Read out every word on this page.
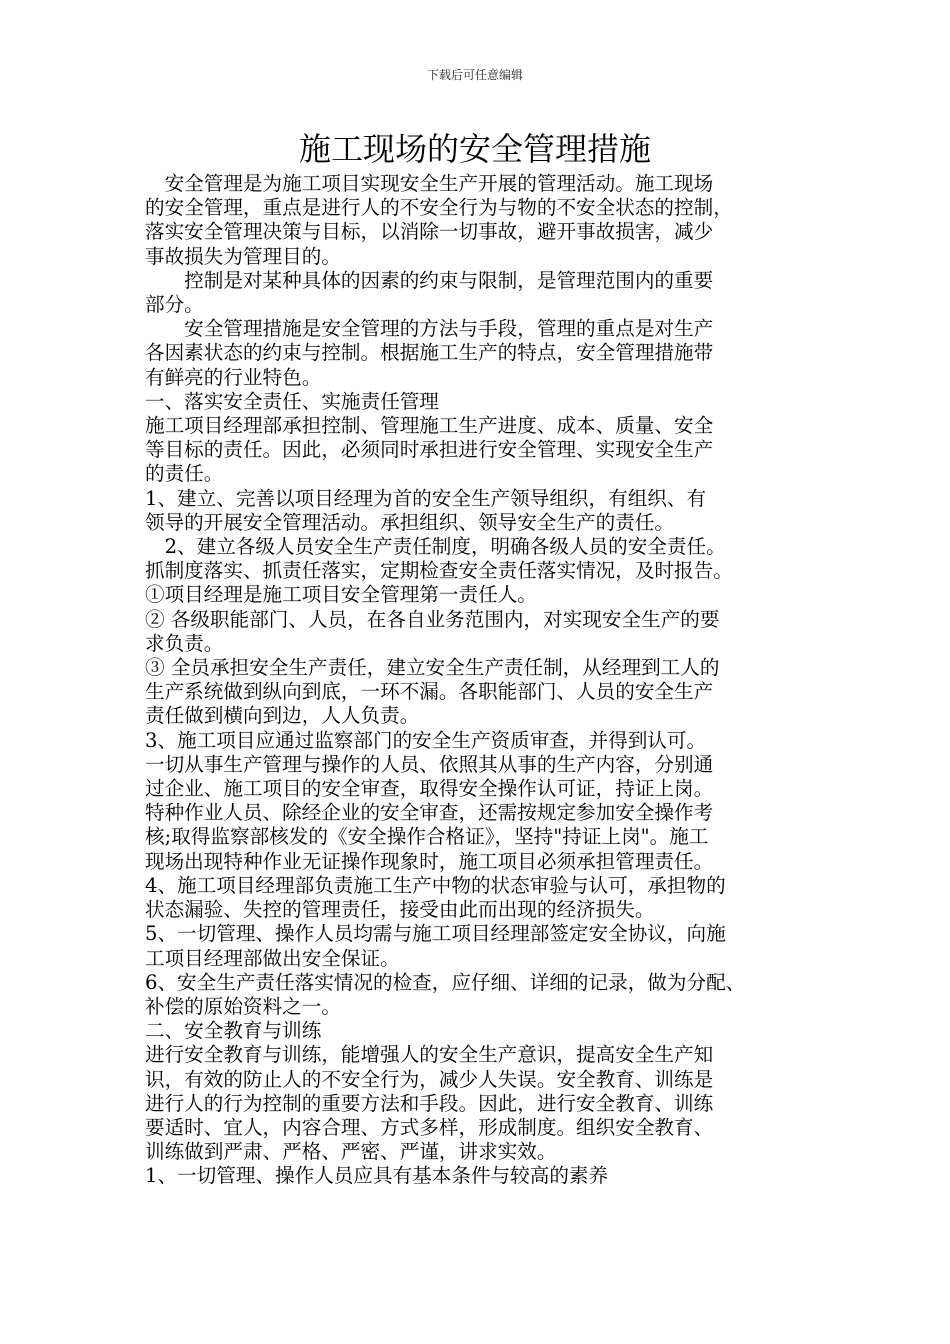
下载后可任意编辑
施工现场的安全管理措施
　安全管理是为施工项目实现安全生产开展的管理活动。施工现场
的安全管理，重点是进行人的不安全行为与物的不安全状态的控制，
落实安全管理决策与目标，以消除一切事故，避开事故损害，减少
事故损失为管理目的。
　　控制是对某种具体的因素的约束与限制，是管理范围内的重要
部分。
　　安全管理措施是安全管理的方法与手段，管理的重点是对生产
各因素状态的约束与控制。根据施工生产的特点，安全管理措施带
有鲜亮的行业特色。
一、落实安全责任、实施责任管理
施工项目经理部承担控制、管理施工生产进度、成本、质量、安全
等目标的责任。因此，必须同时承担进行安全管理、实现安全生产
的责任。
1、建立、完善以项目经理为首的安全生产领导组织，有组织、有
领导的开展安全管理活动。承担组织、领导安全生产的责任。
　2、建立各级人员安全生产责任制度，明确各级人员的安全责任。
抓制度落实、抓责任落实，定期检查安全责任落实情况，及时报告。
①项目经理是施工项目安全管理第一责任人。
② 各级职能部门、人员，在各自业务范围内，对实现安全生产的要
求负责。
③ 全员承担安全生产责任，建立安全生产责任制，从经理到工人的
生产系统做到纵向到底，一环不漏。各职能部门、人员的安全生产
责任做到横向到边，人人负责。
3、施工项目应通过监察部门的安全生产资质审查，并得到认可。
一切从事生产管理与操作的人员、依照其从事的生产内容，分别通
过企业、施工项目的安全审查，取得安全操作认可证，持证上岗。
特种作业人员、除经企业的安全审查，还需按规定参加安全操作考
核;取得监察部核发的《安全操作合格证》，坚持"持证上岗"。施工
现场出现特种作业无证操作现象时，施工项目必须承担管理责任。
4、施工项目经理部负责施工生产中物的状态审验与认可，承担物的
状态漏验、失控的管理责任，接受由此而出现的经济损失。
5、一切管理、操作人员均需与施工项目经理部签定安全协议，向施
工项目经理部做出安全保证。
6、安全生产责任落实情况的检查，应仔细、详细的记录，做为分配、
补偿的原始资料之一。
二、安全教育与训练
进行安全教育与训练，能增强人的安全生产意识，提高安全生产知
识，有效的防止人的不安全行为，减少人失误。安全教育、训练是
进行人的行为控制的重要方法和手段。因此，进行安全教育、训练
要适时、宜人，内容合理、方式多样，形成制度。组织安全教育、
训练做到严肃、严格、严密、严谨，讲求实效。
1、一切管理、操作人员应具有基本条件与较高的素养
